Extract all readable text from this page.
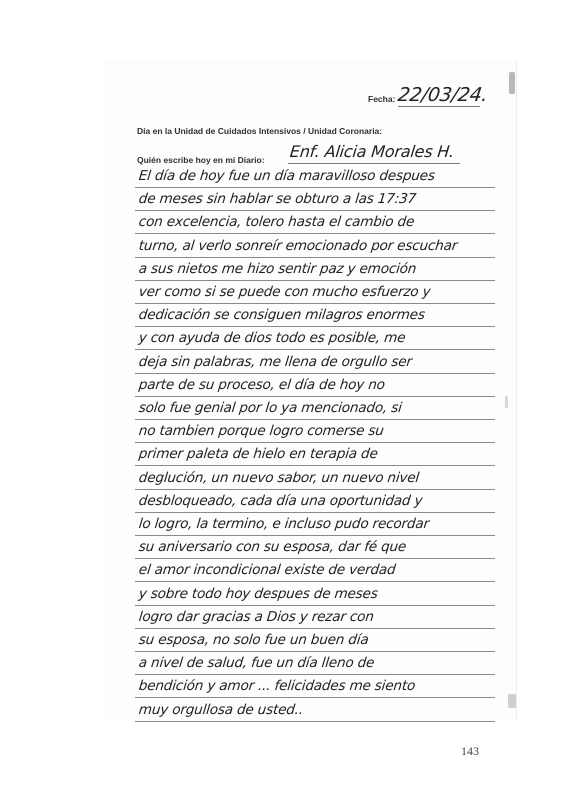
Fecha: 22/03/24.
Día en la Unidad de Cuidados Intensivos / Unidad Coronaria:
Quién escribe hoy en mi Diario: Enf. Alicia Morales H.
El día de hoy fue un día maravilloso despues
de meses sin hablar se obturo a las 17:37
con excelencia, tolero hasta el cambio de
turno, al verlo sonreír emocionado por escuchar
a sus nietos me hizo sentir paz y emoción
ver como si se puede con mucho esfuerzo y
dedicación se consiguen milagros enormes
y con ayuda de dios todo es posible, me
deja sin palabras, me llena de orgullo ser
parte de su proceso, el día de hoy no
solo fue genial por lo ya mencionado, si
no tambien porque logro comerse su
primer paleta de hielo en terapia de
deglución, un nuevo sabor, un nuevo nivel
desbloqueado, cada día una oportunidad y
lo logro, la termino, e incluso pudo recordar
su aniversario con su esposa, dar fé que
el amor incondicional existe de verdad
y sobre todo hoy despues de meses
logro dar gracias a Dios y rezar con
su esposa, no solo fue un buen día
a nivel de salud, fue un día lleno de
bendición y amor ... felicidades me siento
muy orgullosa de usted..
143
